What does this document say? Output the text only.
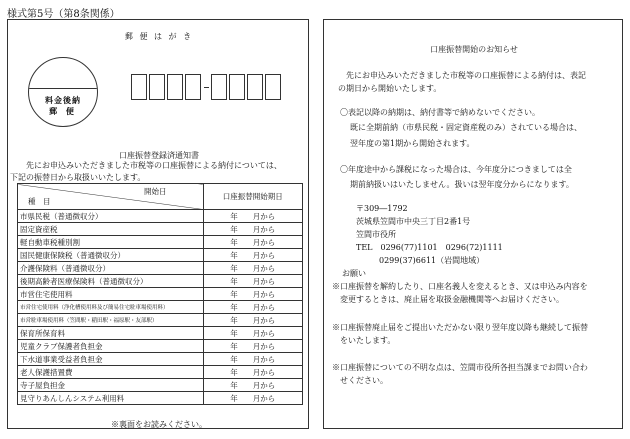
様式第5号（第8条関係）
郵 便 は が き
料金後納
郵 便
口座振替登録済通知書
先にお申込みいただきました市税等の口座振替による納付については、
下記の振替日から取扱いいたします。
開始日
種　目	口座振替開始期日
市県民税（普通徴収分）	年　　月から
固定資産税	年　　月から
軽自動車税種別割	年　　月から
国民健康保険税（普通徴収分）	年　　月から
介護保険料（普通徴収分）	年　　月から
後期高齢者医療保険料（普通徴収分）	年　　月から
市営住宅使用料	年　　月から
市営住宅使用料（浄化槽使用料及び簡易住宅駐車場使用料）	年　　月から
市営駐車場使用料（笠間駅・稲田駅・福原駅・友部駅）	年　　月から
保育所保育料	年　　月から
児童クラブ保護者負担金	年　　月から
下水道事業受益者負担金	年　　月から
老人保護措置費	年　　月から
寺子屋負担金	年　　月から
見守りあんしんシステム利用料	年　　月から
※裏面をお読みください。
口座振替開始のお知らせ
先にお申込みいただきました市税等の口座振替による納付は、表記
の期日から開始いたします。
〇表記以降の納期は、納付書等で納めないでください。
既に全期前納（市県民税・固定資産税のみ）されている場合は、
翌年度の第1期から開始されます。
〇年度途中から課税になった場合は、今年度分につきましては全
期前納扱いはいたしません。扱いは翌年度分からになります。
〒309―1792
茨城県笠間市中央三丁目2番1号
笠間市役所
TEL　0296(77)1101　0296(72)1111
0299(37)6611（岩間地域）
お願い
※口座振替を解約したり、口座名義人を変えるとき、又は申込み内容を
変更するときは、廃止届を取扱金融機関等へお届けください。
※口座振替廃止届をご提出いただかない限り翌年度以降も継続して振替
をいたします。
※口座振替についての不明な点は、笠間市役所各担当課までお問い合わ
せください。
